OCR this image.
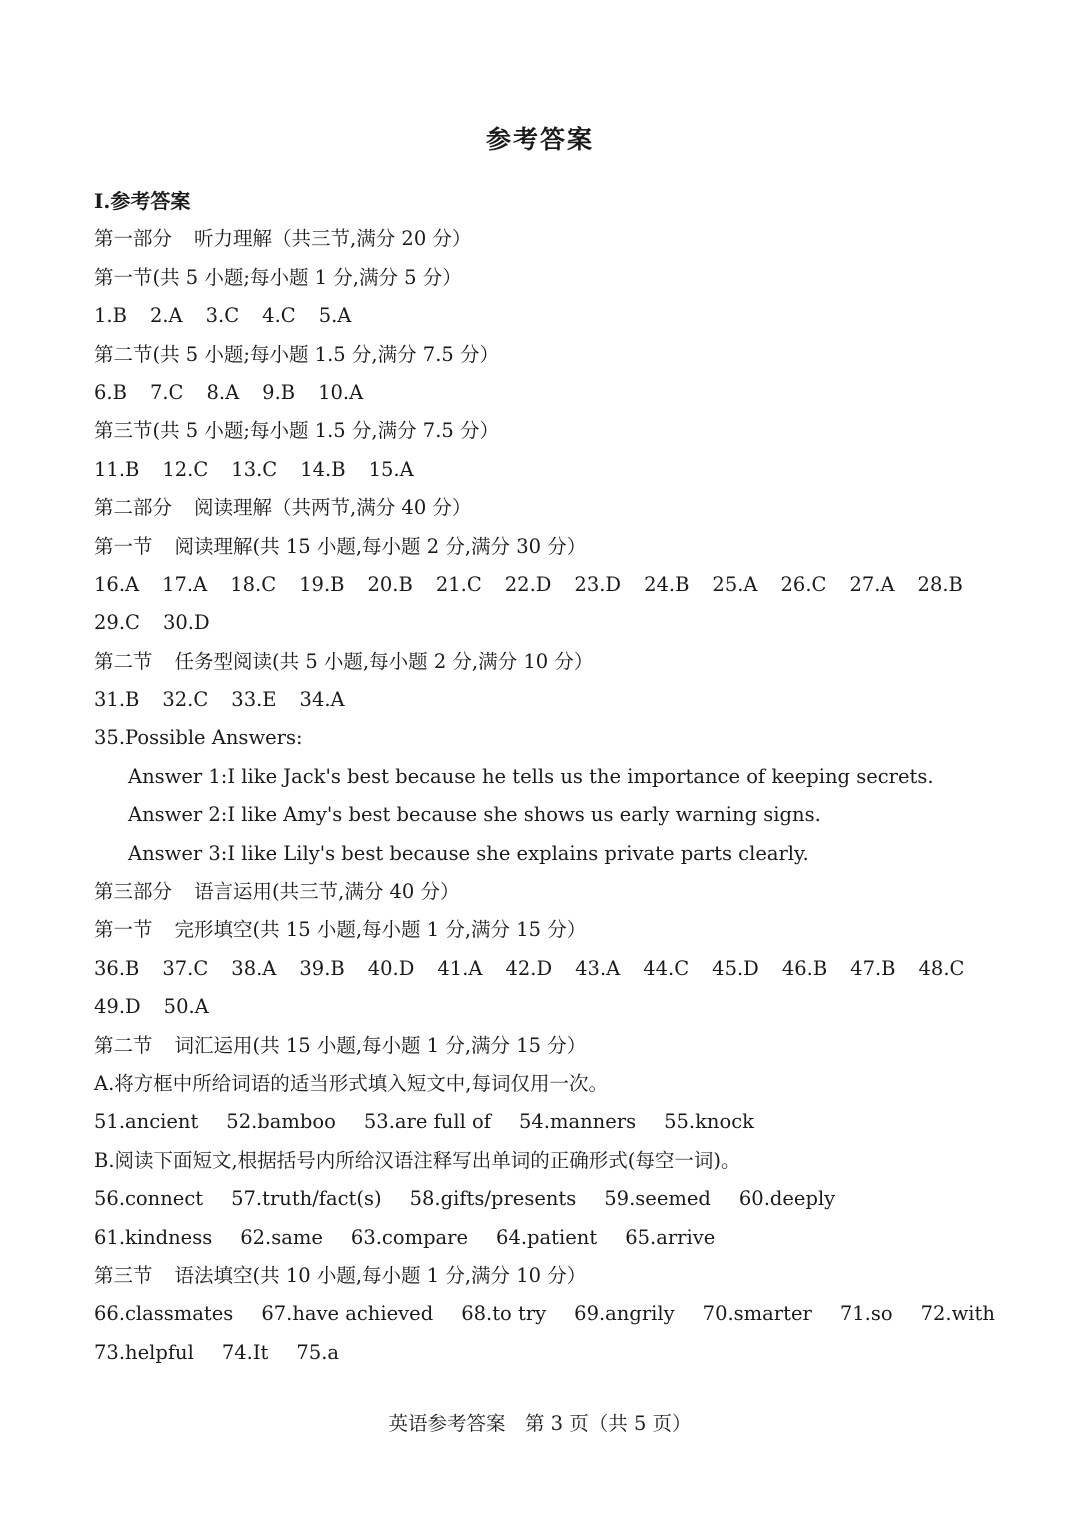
参考答案
Ⅰ.参考答案
第一部分 听力理解（共三节,满分 20 分）
第一节(共 5 小题;每小题 1 分,满分 5 分）
1.B 2.A 3.C 4.C 5.A
第二节(共 5 小题;每小题 1.5 分,满分 7.5 分）
6.B 7.C 8.A 9.B 10.A
第三节(共 5 小题;每小题 1.5 分,满分 7.5 分）
11.B 12.C 13.C 14.B 15.A
第二部分 阅读理解（共两节,满分 40 分）
第一节 阅读理解(共 15 小题,每小题 2 分,满分 30 分）
16.A 17.A 18.C 19.B 20.B 21.C 22.D 23.D 24.B 25.A 26.C 27.A 28.B
29.C 30.D
第二节 任务型阅读(共 5 小题,每小题 2 分,满分 10 分）
31.B 32.C 33.E 34.A
35.Possible Answers:
Answer 1:I like Jack's best because he tells us the importance of keeping secrets.
Answer 2:I like Amy's best because she shows us early warning signs.
Answer 3:I like Lily's best because she explains private parts clearly.
第三部分 语言运用(共三节,满分 40 分）
第一节 完形填空(共 15 小题,每小题 1 分,满分 15 分）
36.B 37.C 38.A 39.B 40.D 41.A 42.D 43.A 44.C 45.D 46.B 47.B 48.C
49.D 50.A
第二节 词汇运用(共 15 小题,每小题 1 分,满分 15 分）
A.将方框中所给词语的适当形式填入短文中,每词仅用一次。
51.ancient 52.bamboo 53.are full of 54.manners 55.knock
B.阅读下面短文,根据括号内所给汉语注释写出单词的正确形式(每空一词)。
56.connect 57.truth/fact(s) 58.gifts/presents 59.seemed 60.deeply
61.kindness 62.same 63.compare 64.patient 65.arrive
第三节 语法填空(共 10 小题,每小题 1 分,满分 10 分）
66.classmates 67.have achieved 68.to try 69.angrily 70.smarter 71.so 72.with
73.helpful 74.It 75.a
英语参考答案　第 3 页（共 5 页）
